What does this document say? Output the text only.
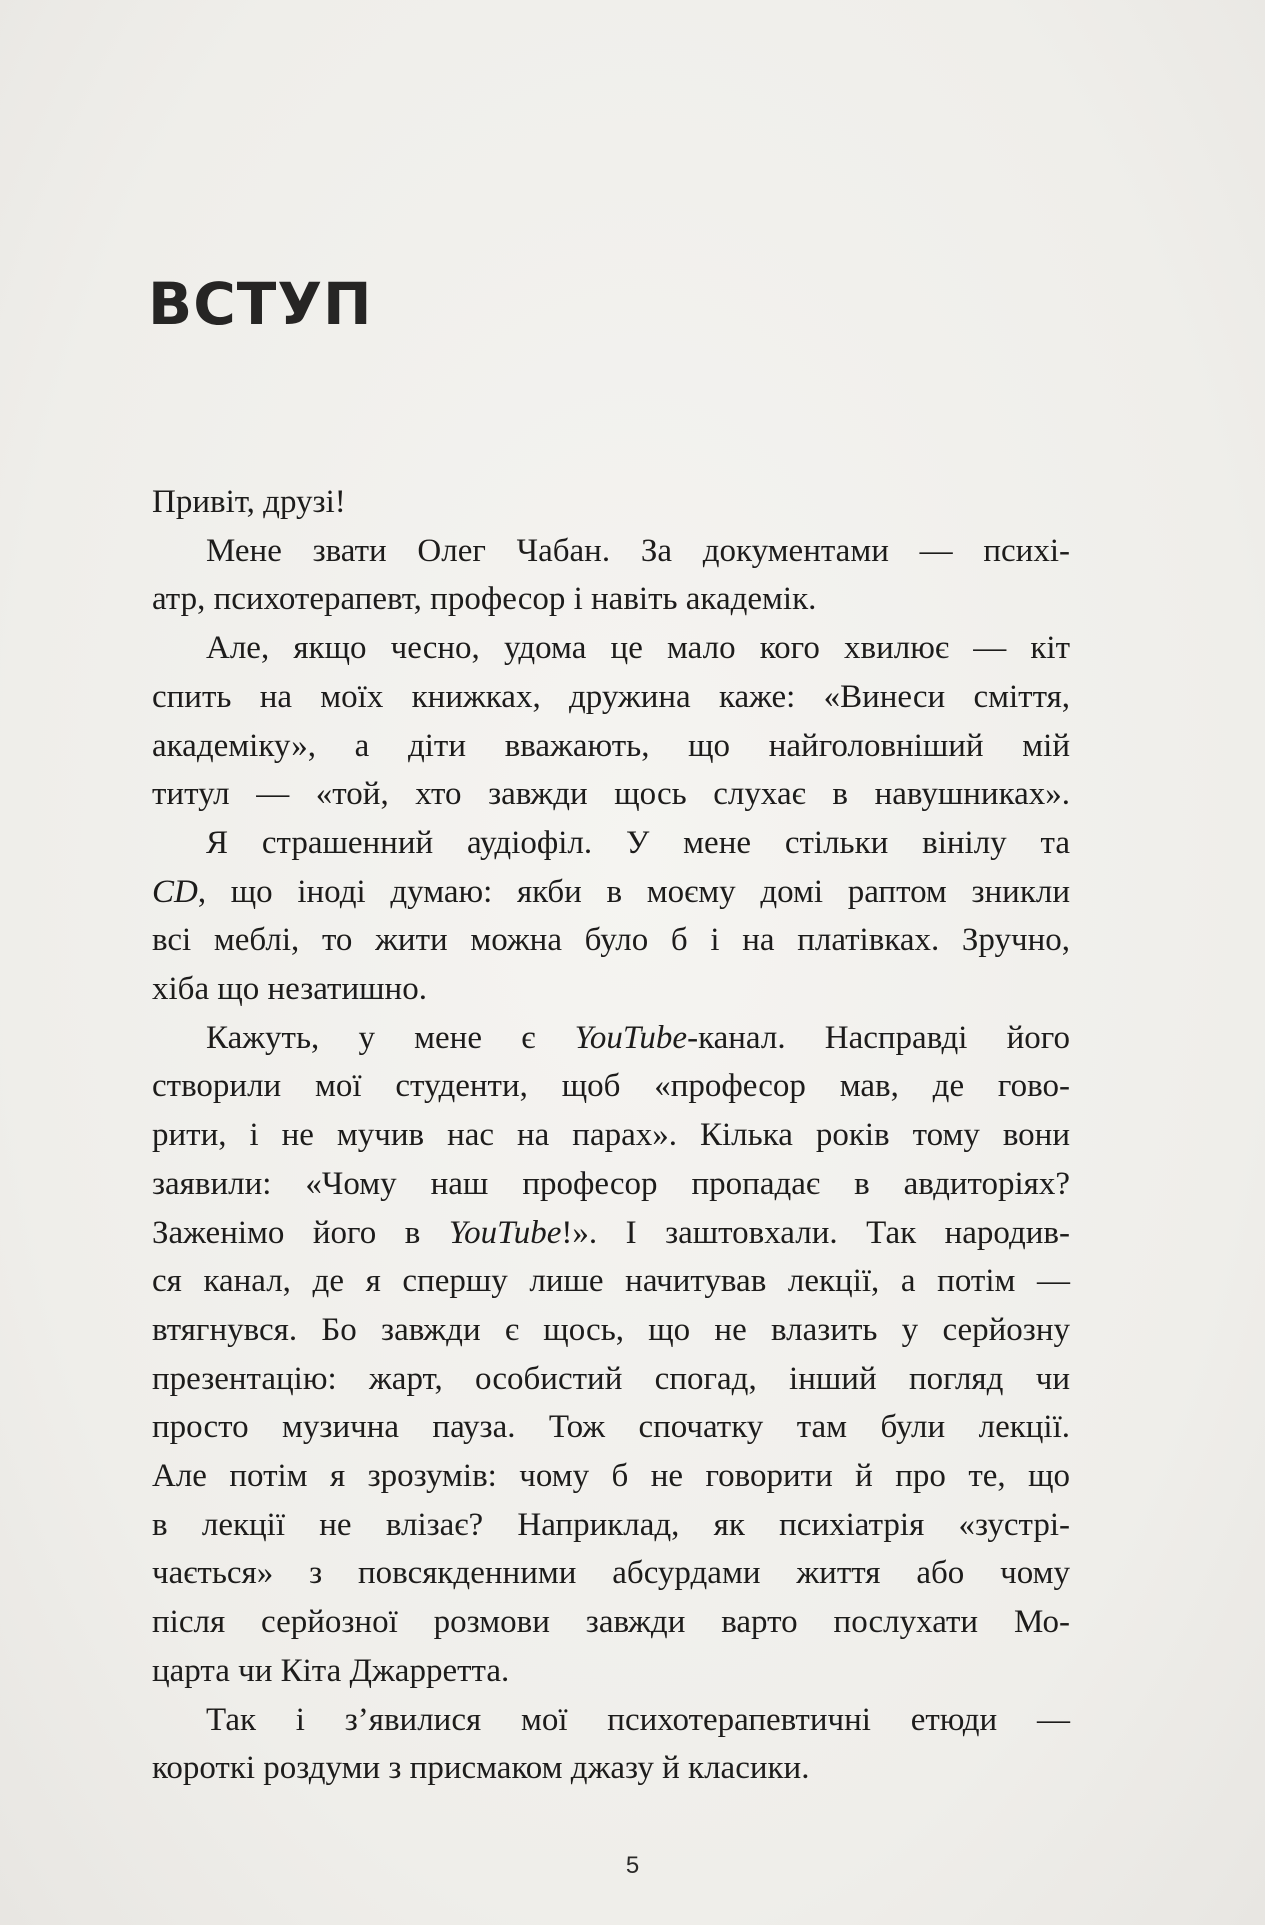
ВСТУП

Привіт, друзі!

Мене звати Олег Чабан. За документами — психі-
атр, психотерапевт, професор і навіть академік.

Але, якщо чесно, удома це мало кого хвилює — кіт
спить на моїх книжках, дружина каже: «Винеси сміття,
академіку», а діти вважають, що найголовніший мій
титул — «той, хто завжди щось слухає в навушниках».

Я страшенний аудіофіл. У мене стільки вінілу та
CD, що іноді думаю: якби в моєму домі раптом зникли
всі меблі, то жити можна було б і на платівках. Зручно,
хіба що незатишно.

Кажуть, у мене є YouTube-канал. Насправді його
створили мої студенти, щоб «професор мав, де гово-
рити, і не мучив нас на парах». Кілька років тому вони
заявили: «Чому наш професор пропадає в авдиторіях?
Заженімо його в YouTube!». І заштовхали. Так народив-
ся канал, де я спершу лише начитував лекції, а потім —
втягнувся. Бо завжди є щось, що не влазить у серйозну
презентацію: жарт, особистий спогад, інший погляд чи
просто музична пауза. Тож спочатку там були лекції.
Але потім я зрозумів: чому б не говорити й про те, що
в лекції не влізає? Наприклад, як психіатрія «зустрі-
чається» з повсякденними абсурдами життя або чому
після серйозної розмови завжди варто послухати Мо-
царта чи Кіта Джарретта.

Так і з’явилися мої психотерапевтичні етюди —
короткі роздуми з присмаком джазу й класики.

5
